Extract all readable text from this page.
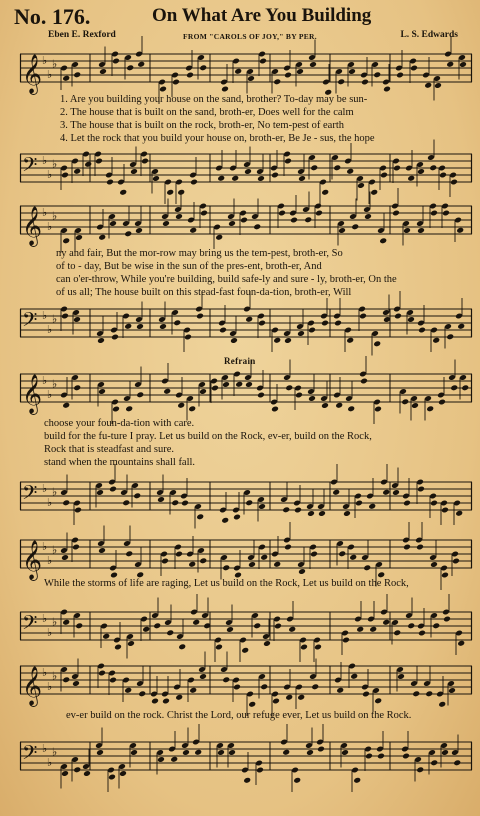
No. 176.	On What Are You Building
Eben E. Rexford	FROM "CAROLS OF JOY," BY PER.	L. S. Edwards
𝄞 ♭
♭
♭
1. Are you building your house on the sand, brother? To-day may be sun-
2. The house that is built on the sand, broth-er, Does well for the calm
3. The house that is built on the rock, broth-er, No tem-pest of earth
4. Let the rock that you build your house on, broth-er, Be Je - sus, the hope
𝄢 ♭
♭
♭
𝄞 ♭
♭
♭
ny and fair, But the mor-row may bring us the tem-pest, broth-er, So
of to - day, But be wise in the sun of the pres-ent, broth-er, And
can o'er-throw, While you're building, build safe-ly and sure - ly, broth-er, On the
of us all; The house built on this stead-fast foun-da-tion, broth-er, Will
𝄢 ♭
♭
♭
Refrain
𝄞 ♭
♭
♭
choose your foun-da-tion with care.
build for the fu-ture I pray. Let us build on the Rock, ev-er, build on the Rock,
Rock that is steadfast and sure.
stand when the mountains shall fall.
𝄢 ♭
♭
♭
𝄞 ♭
♭
♭
While the storms of life are raging, Let us build on the Rock, Let us build on the Rock,
𝄢 ♭
♭
♭
𝄞 ♭
♭
♭
ev-er build on the rock. Christ the Lord, our refuge ever, Let us build on the Rock.
𝄢 ♭
♭
♭
